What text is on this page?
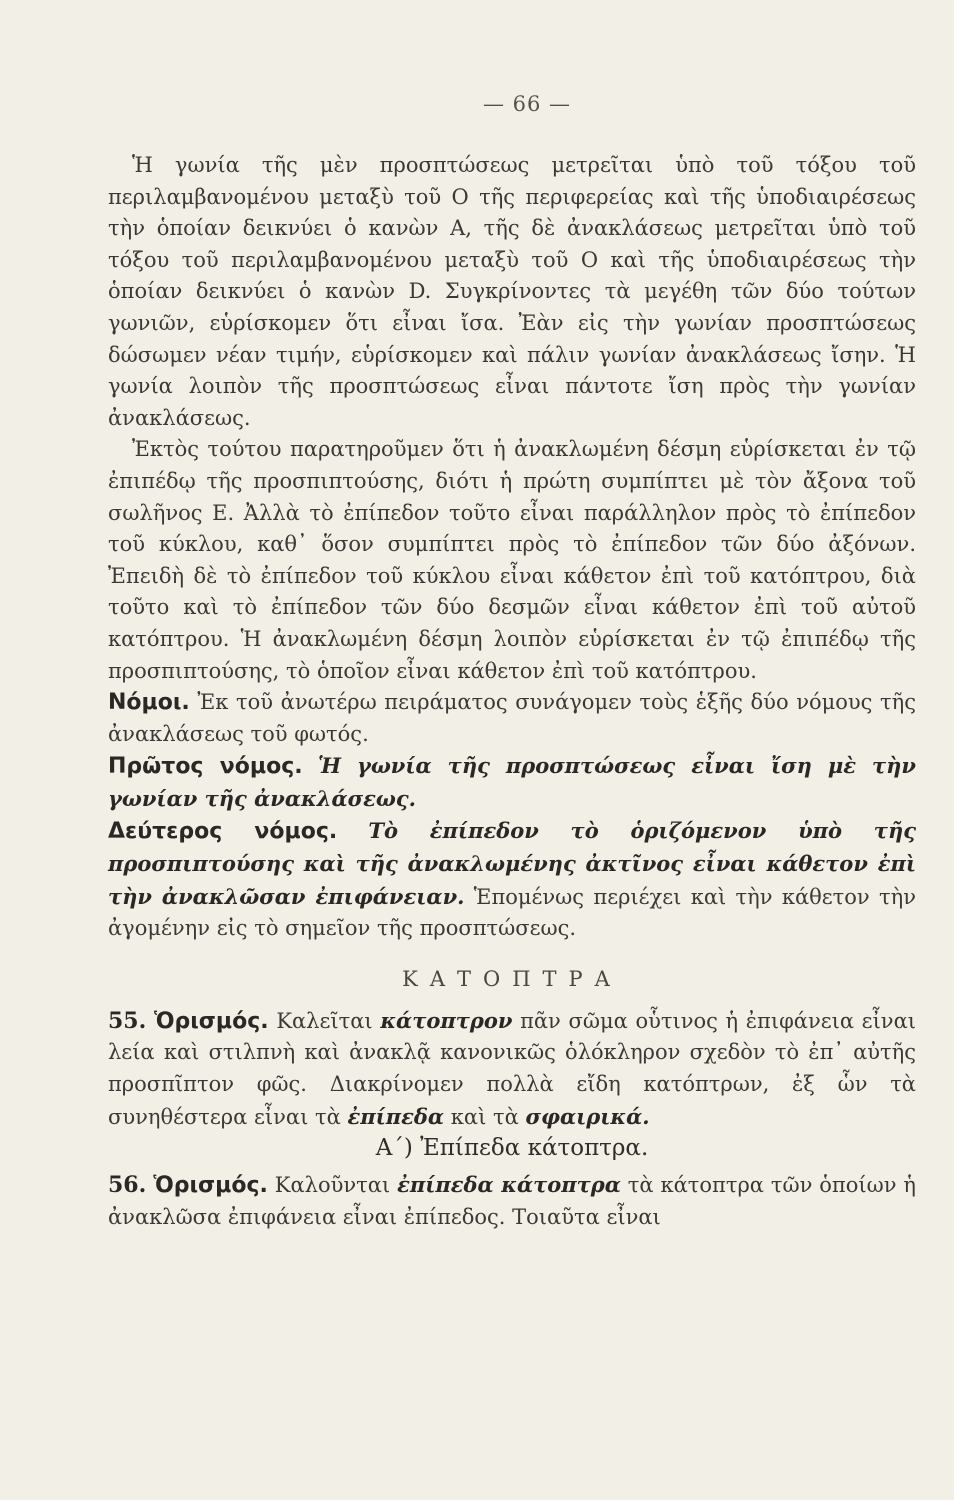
— 66 —

Ἡ γωνία τῆς μὲν προσπτώσεως μετρεῖται ὑπὸ τοῦ τόξου τοῦ περιλαμβανομένου μεταξὺ τοῦ O τῆς περιφερείας καὶ τῆς ὑποδιαιρέσεως τὴν ὁποίαν δεικνύει ὁ κανὼν A, τῆς δὲ ἀνακλάσεως μετρεῖται ὑπὸ τοῦ τόξου τοῦ περιλαμβανομένου μεταξὺ τοῦ O καὶ τῆς ὑποδιαιρέσεως τὴν ὁποίαν δεικνύει ὁ κανὼν D. Συγκρίνοντες τὰ μεγέθη τῶν δύο τούτων γωνιῶν, εὑρίσκομεν ὅτι εἶναι ἴσα. Ἐὰν εἰς τὴν γωνίαν προσπτώσεως δώσωμεν νέαν τιμήν, εὑρίσκομεν καὶ πάλιν γωνίαν ἀνακλάσεως ἴσην. Ἡ γωνία λοιπὸν τῆς προσπτώσεως εἶναι πάντοτε ἴση πρὸς τὴν γωνίαν ἀνακλάσεως.

Ἐκτὸς τούτου παρατηροῦμεν ὅτι ἡ ἀνακλωμένη δέσμη εὑρίσκεται ἐν τῷ ἐπιπέδῳ τῆς προσπιπτούσης, διότι ἡ πρώτη συμπίπτει μὲ τὸν ἄξονα τοῦ σωλῆνος E. Ἀλλὰ τὸ ἐπίπεδον τοῦτο εἶναι παράλληλον πρὸς τὸ ἐπίπεδον τοῦ κύκλου, καθ᾽ ὅσον συμπίπτει πρὸς τὸ ἐπίπεδον τῶν δύο ἀξόνων. Ἐπειδὴ δὲ τὸ ἐπίπεδον τοῦ κύκλου εἶναι κάθετον ἐπὶ τοῦ κατόπτρου, διὰ τοῦτο καὶ τὸ ἐπίπεδον τῶν δύο δεσμῶν εἶναι κάθετον ἐπὶ τοῦ αὐτοῦ κατόπτρου. Ἡ ἀνακλωμένη δέσμη λοιπὸν εὑρίσκεται ἐν τῷ ἐπιπέδῳ τῆς προσπιπτούσης, τὸ ὁποῖον εἶναι κάθετον ἐπὶ τοῦ κατόπτρου.

Νόμοι. Ἐκ τοῦ ἀνωτέρω πειράματος συνάγομεν τοὺς ἑξῆς δύο νόμους τῆς ἀνακλάσεως τοῦ φωτός.

Πρῶτος νόμος. Ἡ γωνία τῆς προσπτώσεως εἶναι ἴση μὲ τὴν γωνίαν τῆς ἀνακλάσεως.

Δεύτερος νόμος. Τὸ ἐπίπεδον τὸ ὁριζόμενον ὑπὸ τῆς προσπιπτούσης καὶ τῆς ἀνακλωμένης ἀκτῖνος εἶναι κάθετον ἐπὶ τὴν ἀνακλῶσαν ἐπιφάνειαν. Ἑπομένως περιέχει καὶ τὴν κάθετον τὴν ἀγομένην εἰς τὸ σημεῖον τῆς προσπτώσεως.

ΚΑΤΟΠΤΡΑ

55. Ὁρισμός. Καλεῖται κάτοπτρον πᾶν σῶμα οὗτινος ἡ ἐπιφάνεια εἶναι λεία καὶ στιλπνὴ καὶ ἀνακλᾷ κανονικῶς ὁλόκληρον σχεδὸν τὸ ἐπ᾽ αὐτῆς προσπῖπτον φῶς. Διακρίνομεν πολλὰ εἴδη κατόπτρων, ἐξ ὧν τὰ συνηθέστερα εἶναι τὰ ἐπίπεδα καὶ τὰ σφαιρικά.

Α΄) Ἐπίπεδα κάτοπτρα.

56. Ὁρισμός. Καλοῦνται ἐπίπεδα κάτοπτρα τὰ κάτοπτρα τῶν ὁποίων ἡ ἀνακλῶσα ἐπιφάνεια εἶναι ἐπίπεδος. Τοιαῦτα εἶναι
